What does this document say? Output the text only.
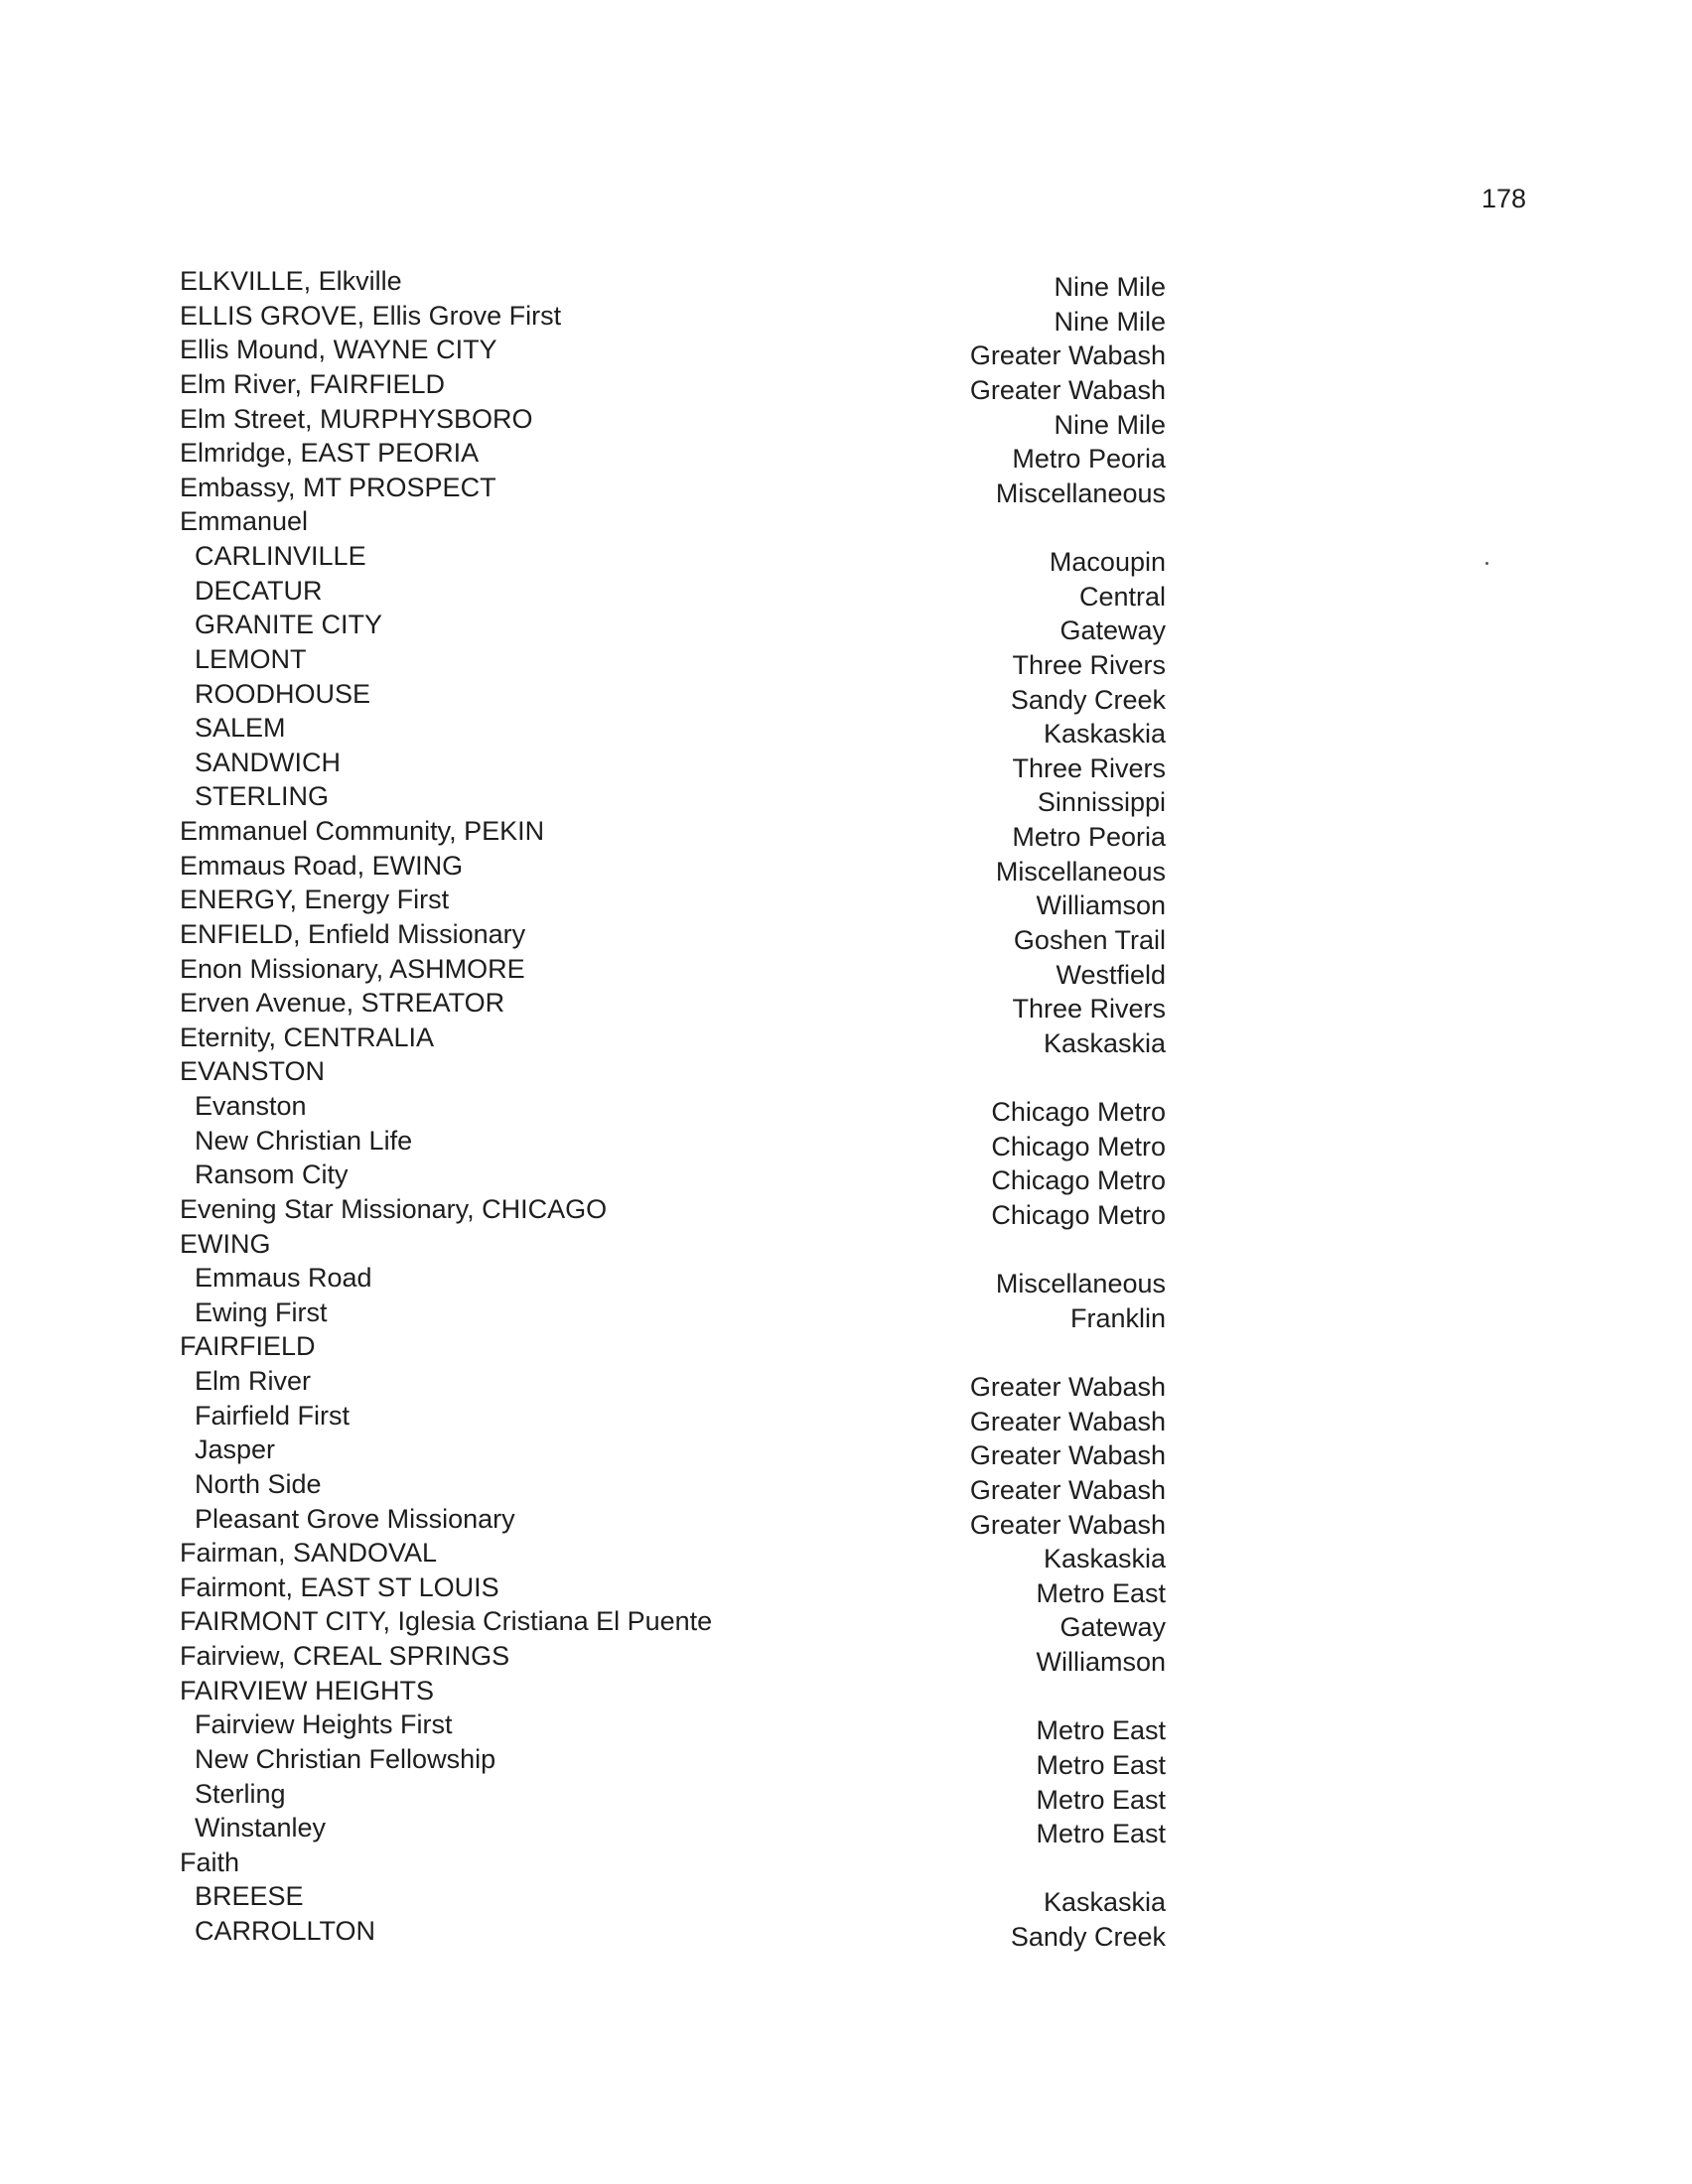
178
ELKVILLE, Elkville	Nine Mile
ELLIS GROVE, Ellis Grove First	Nine Mile
Ellis Mound, WAYNE CITY	Greater Wabash
Elm River, FAIRFIELD	Greater Wabash
Elm Street, MURPHYSBORO	Nine Mile
Elmridge, EAST PEORIA	Metro Peoria
Embassy, MT PROSPECT	Miscellaneous
Emmanuel
CARLINVILLE	Macoupin
DECATUR	Central
GRANITE CITY	Gateway
LEMONT	Three Rivers
ROODHOUSE	Sandy Creek
SALEM	Kaskaskia
SANDWICH	Three Rivers
STERLING	Sinnissippi
Emmanuel Community, PEKIN	Metro Peoria
Emmaus Road, EWING	Miscellaneous
ENERGY, Energy First	Williamson
ENFIELD, Enfield Missionary	Goshen Trail
Enon Missionary, ASHMORE	Westfield
Erven Avenue, STREATOR	Three Rivers
Eternity, CENTRALIA	Kaskaskia
EVANSTON
Evanston	Chicago Metro
New Christian Life	Chicago Metro
Ransom City	Chicago Metro
Evening Star Missionary, CHICAGO	Chicago Metro
EWING
Emmaus Road	Miscellaneous
Ewing First	Franklin
FAIRFIELD
Elm River	Greater Wabash
Fairfield First	Greater Wabash
Jasper	Greater Wabash
North Side	Greater Wabash
Pleasant Grove Missionary	Greater Wabash
Fairman, SANDOVAL	Kaskaskia
Fairmont, EAST ST LOUIS	Metro East
FAIRMONT CITY, Iglesia Cristiana El Puente	Gateway
Fairview, CREAL SPRINGS	Williamson
FAIRVIEW HEIGHTS
Fairview Heights First	Metro East
New Christian Fellowship	Metro East
Sterling	Metro East
Winstanley	Metro East
Faith
BREESE	Kaskaskia
CARROLLTON	Sandy Creek
